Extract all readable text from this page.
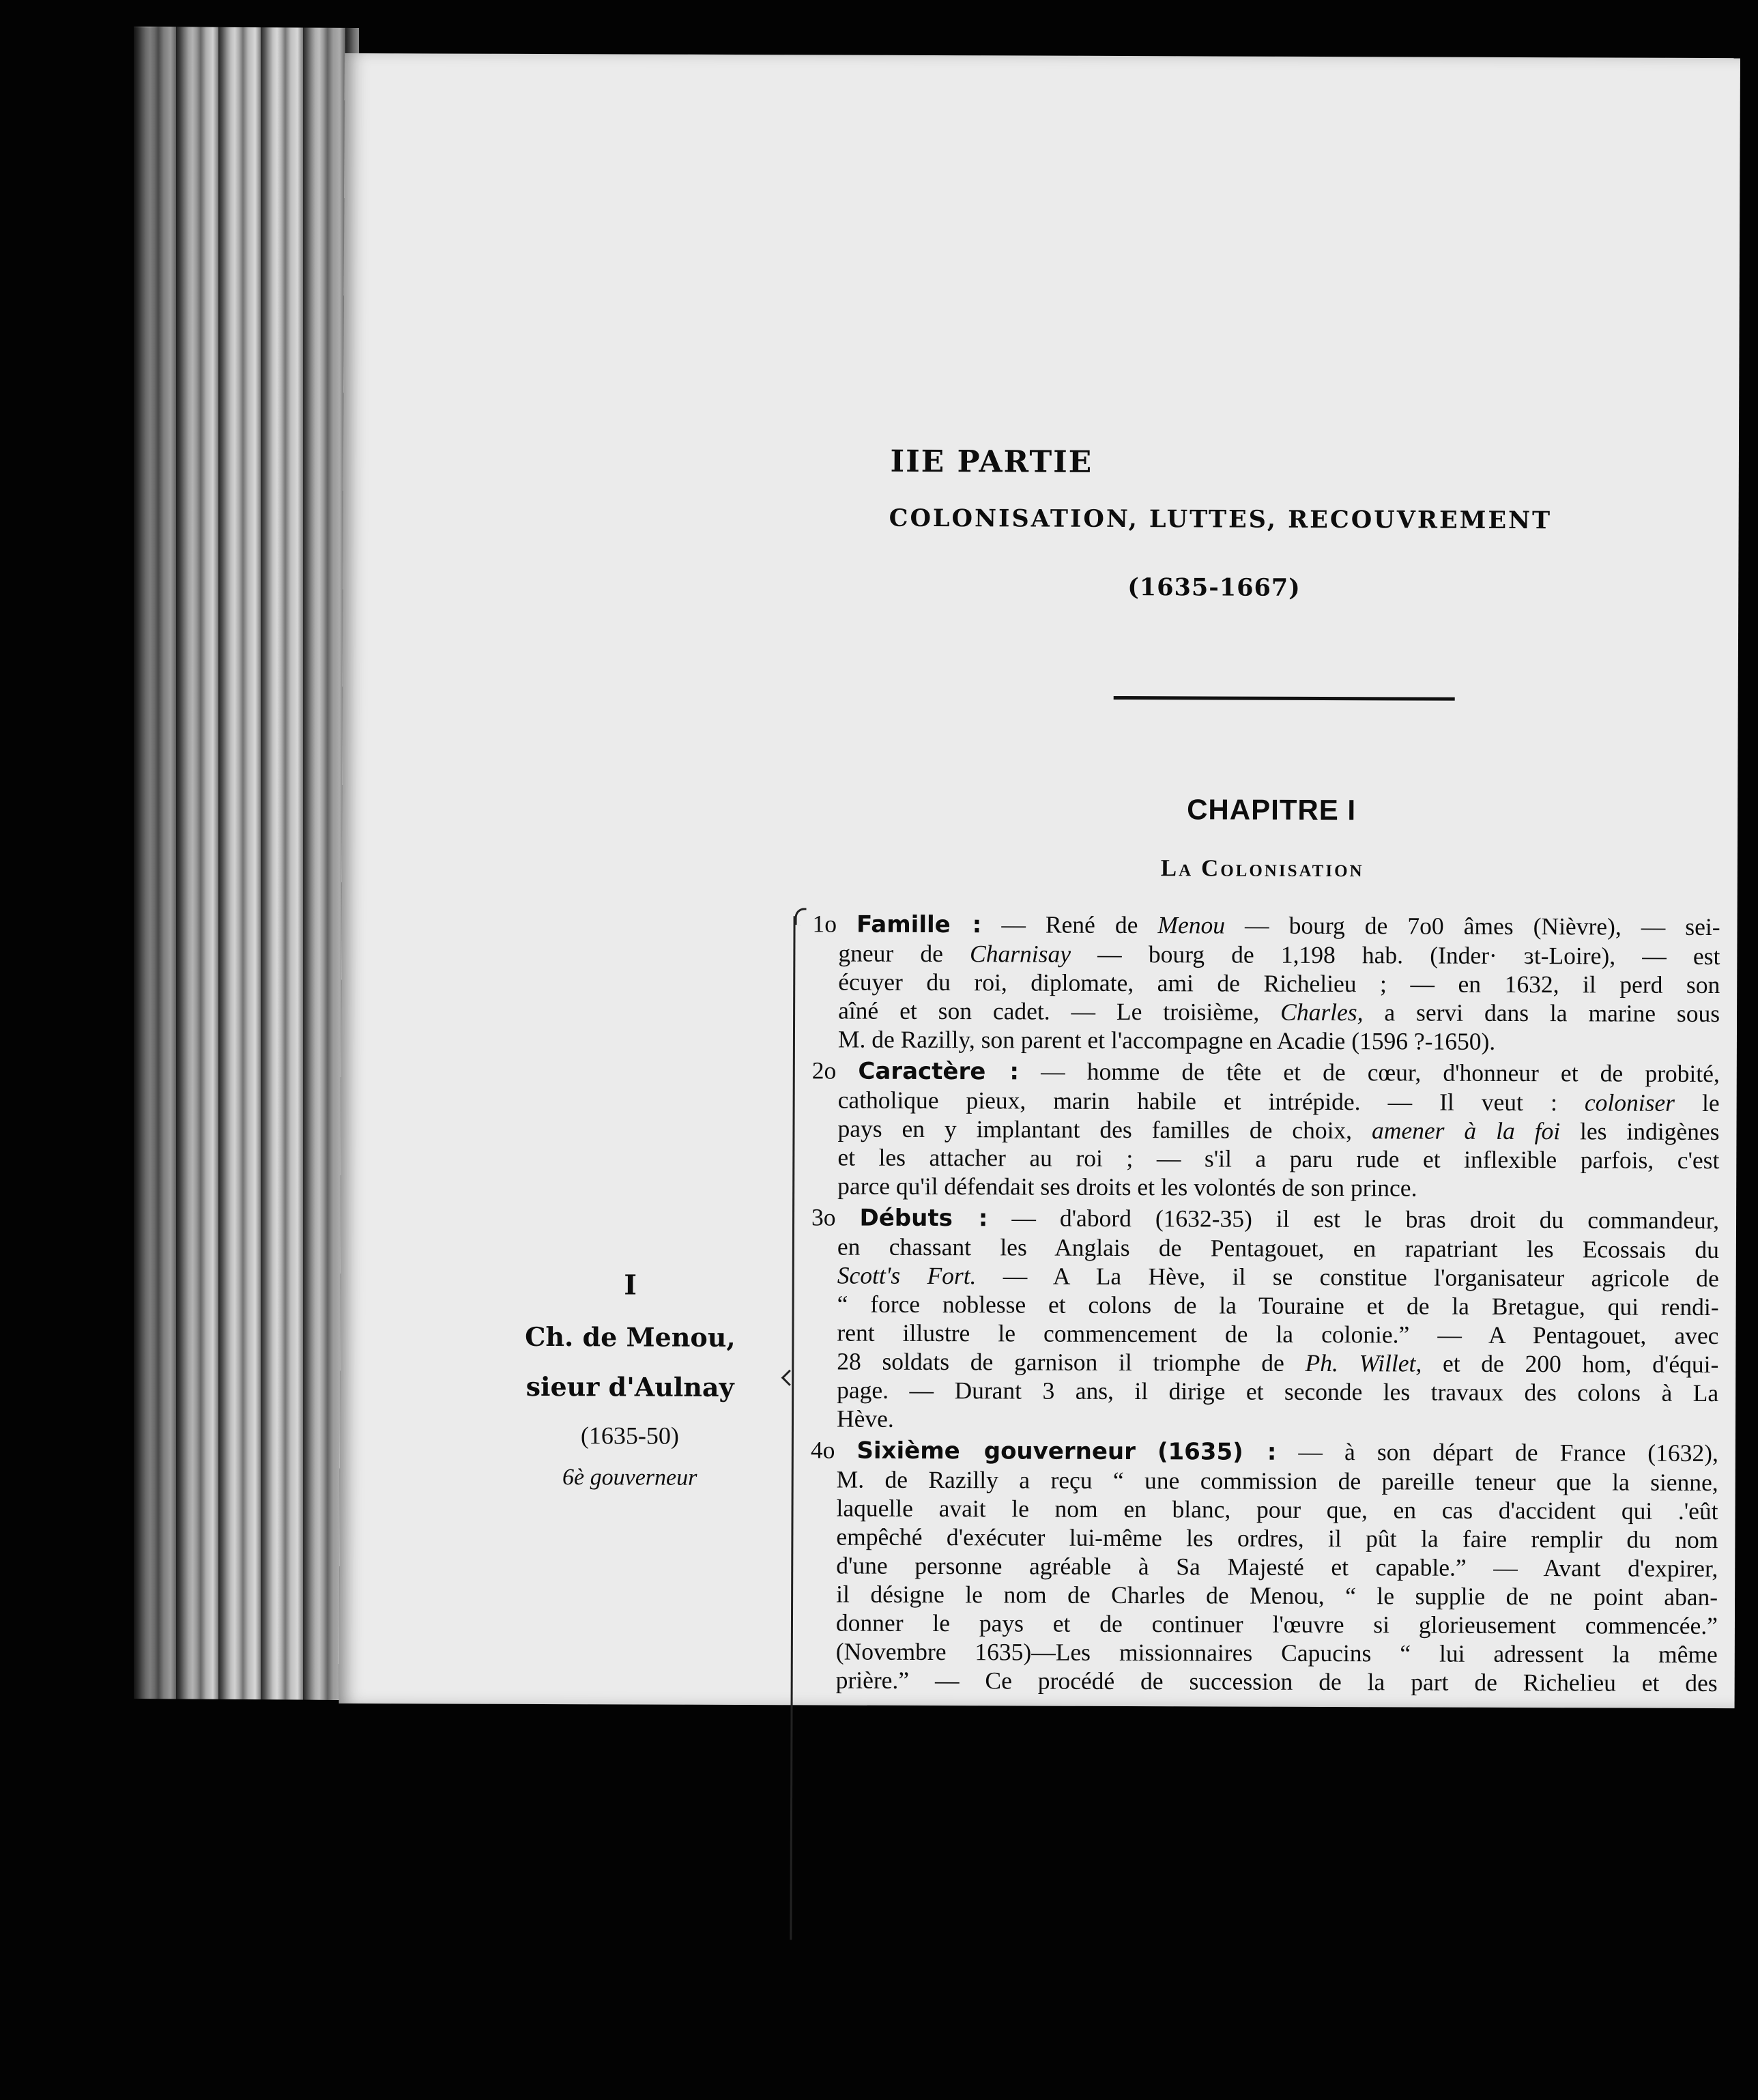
IIE PARTIE
COLONISATION, LUTTES, RECOUVREMENT
(1635-1667)
CHAPITRE I
La Colonisation
I
Ch. de Menou,
sieur d'Aulnay
(1635-50)
6è gouverneur
1o Famille : — René de Menou — bourg de 7o0 âmes (Nièvre), — sei-
gneur de Charnisay — bourg de 1,198 hab. (Inder· ɜt-Loire), — est
écuyer du roi, diplomate, ami de Richelieu ; — en 1632, il perd son
aîné et son cadet. — Le troisième, Charles, a servi dans la marine sous
M. de Razilly, son parent et l'accompagne en Acadie (1596 ?-1650).
2o Caractère : — homme de tête et de cœur, d'honneur et de probité,
catholique pieux, marin habile et intrépide. — Il veut : coloniser le
pays en y implantant des familles de choix, amener à la foi les indigènes
et les attacher au roi ; — s'il a paru rude et inflexible parfois, c'est
parce qu'il défendait ses droits et les volontés de son prince.
3o Débuts : — d'abord (1632-35) il est le bras droit du commandeur,
en chassant les Anglais de Pentagouet, en rapatriant les Ecossais du
Scott's Fort. — A La Hève, il se constitue l'organisateur agricole de
“ force noblesse et colons de la Touraine et de la Bretague, qui rendi-
rent illustre le commencement de la colonie.” — A Pentagouet, avec
28 soldats de garnison il triomphe de Ph. Willet, et de 200 hom, d'équi-
page. — Durant 3 ans, il dirige et seconde les travaux des colons à La
Hève.
4o Sixième gouverneur (1635) : — à son départ de France (1632),
M. de Razilly a reçu “ une commission de pareille teneur que la sienne,
laquelle avait le nom en blanc, pour que, en cas d'accident qui .'eût
empêché d'exécuter lui-même les ordres, il pût la faire remplir du nom
d'une personne agréable à Sa Majesté et capable.” — Avant d'expirer,
il désigne le nom de Charles de Menou, “ le supplie de ne point aban-
donner le pays et de continuer l'œuvre si glorieusement commencée.”
(Novembre 1635)—Les missionnaires Capucins “ lui adressent la même
prière.” — Ce procédé de succession de la part de Richelieu et des
